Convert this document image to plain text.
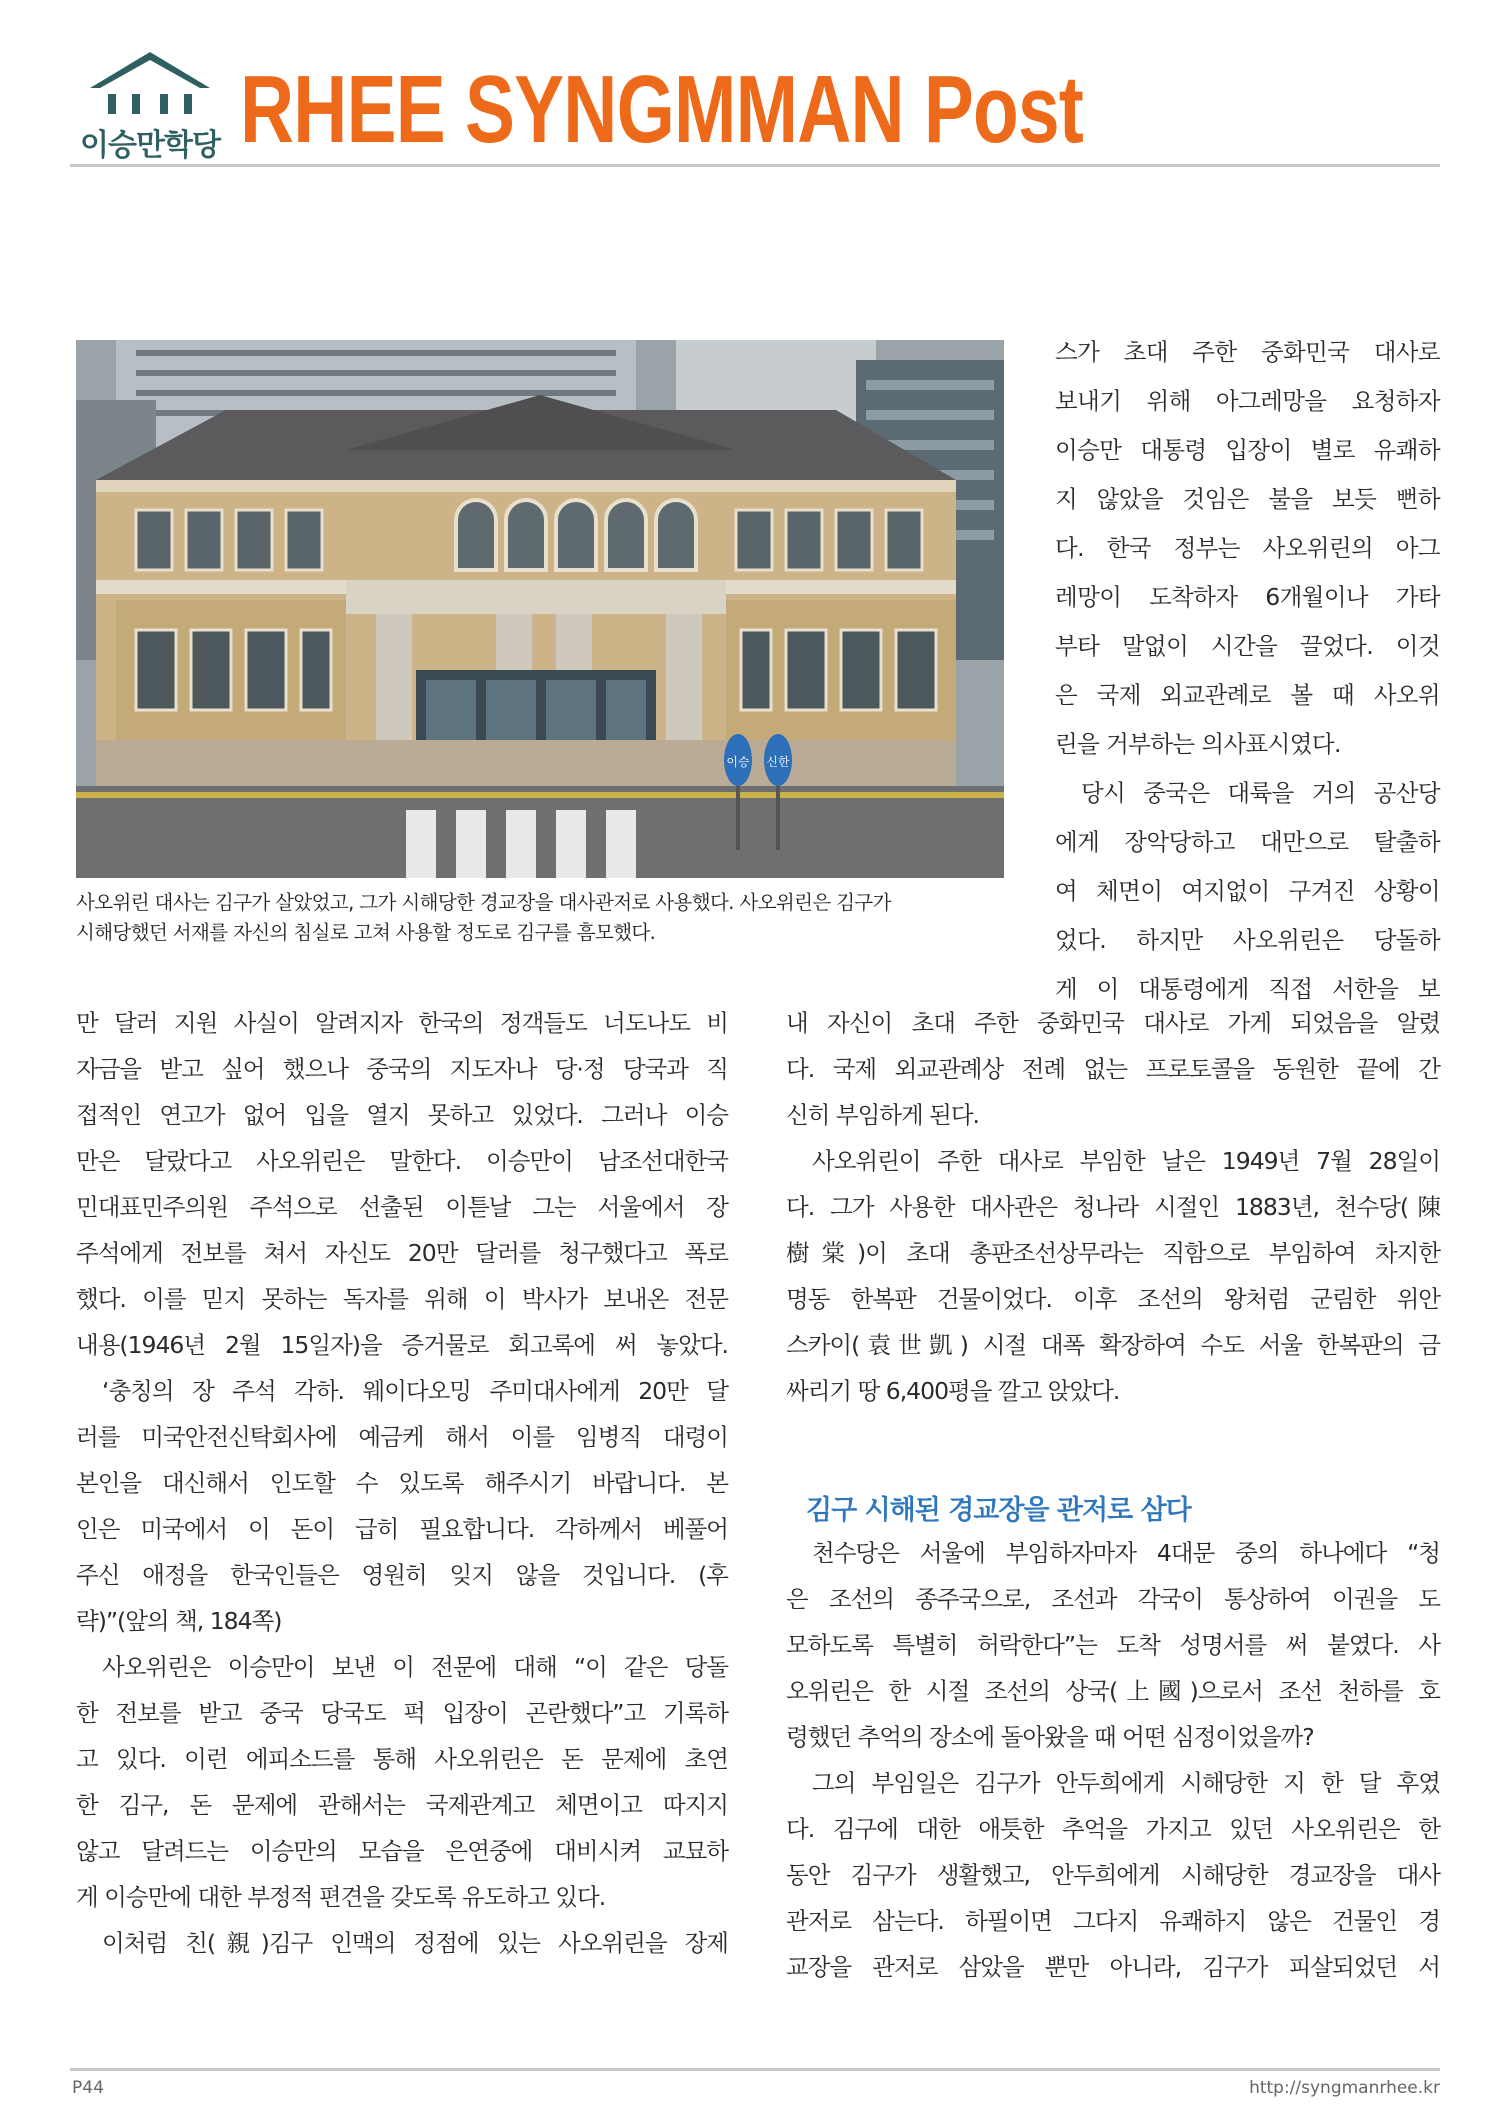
이승만학당 RHEE SYNGMMAN Post
이승 신한
사오위린 대사는 김구가 살았었고, 그가 시해당한 경교장을 대사관저로 사용했다. 사오위린은 김구가
시해당했던 서재를 자신의 침실로 고쳐 사용할 정도로 김구를 흠모했다.

스가 초대 주한 중화민국 대사로

보내기 위해 아그레망을 요청하자

이승만 대통령 입장이 별로 유쾌하

지 않았을 것임은 불을 보듯 뻔하

다. 한국 정부는 사오위린의 아그

레망이 도착하자 6개월이나 가타

부타 말없이 시간을 끌었다. 이것

은 국제 외교관례로 볼 때 사오위

린을 거부하는 의사표시였다.

당시 중국은 대륙을 거의 공산당

에게 장악당하고 대만으로 탈출하

여 체면이 여지없이 구겨진 상황이

었다. 하지만 사오위린은 당돌하

게 이 대통령에게 직접 서한을 보

만 달러 지원 사실이 알려지자 한국의 정객들도 너도나도 비

자금을 받고 싶어 했으나 중국의 지도자나 당·정 당국과 직

접적인 연고가 없어 입을 열지 못하고 있었다. 그러나 이승

만은 달랐다고 사오위린은 말한다. 이승만이 남조선대한국

민대표민주의원 주석으로 선출된 이튿날 그는 서울에서 장

주석에게 전보를 쳐서 자신도 20만 달러를 청구했다고 폭로

했다. 이를 믿지 못하는 독자를 위해 이 박사가 보내온 전문

내용(1946년 2월 15일자)을 증거물로 회고록에 써 놓았다.

‘충칭의 장 주석 각하. 웨이다오밍 주미대사에게 20만 달

러를 미국안전신탁회사에 예금케 해서 이를 임병직 대령이

본인을 대신해서 인도할 수 있도록 해주시기 바랍니다. 본

인은 미국에서 이 돈이 급히 필요합니다. 각하께서 베풀어

주신 애정을 한국인들은 영원히 잊지 않을 것입니다. (후

략)”(앞의 책, 184쪽)

사오위린은 이승만이 보낸 이 전문에 대해 “이 같은 당돌

한 전보를 받고 중국 당국도 퍽 입장이 곤란했다”고 기록하

고 있다. 이런 에피소드를 통해 사오위린은 돈 문제에 초연

한 김구, 돈 문제에 관해서는 국제관계고 체면이고 따지지

않고 달려드는 이승만의 모습을 은연중에 대비시켜 교묘하

게 이승만에 대한 부정적 편견을 갖도록 유도하고 있다.

이처럼 친(親)김구 인맥의 정점에 있는 사오위린을 장제

내 자신이 초대 주한 중화민국 대사로 가게 되었음을 알렸

다. 국제 외교관례상 전례 없는 프로토콜을 동원한 끝에 간

신히 부임하게 된다.

사오위린이 주한 대사로 부임한 날은 1949년 7월 28일이

다. 그가 사용한 대사관은 청나라 시절인 1883년, 천수당(陳

樹棠)이 초대 총판조선상무라는 직함으로 부임하여 차지한

명동 한복판 건물이었다. 이후 조선의 왕처럼 군림한 위안

스카이(袁世凱) 시절 대폭 확장하여 수도 서울 한복판의 금

싸리기 땅 6,400평을 깔고 앉았다.

김구 시해된 경교장을 관저로 삼다

천수당은 서울에 부임하자마자 4대문 중의 하나에다 “청

은 조선의 종주국으로, 조선과 각국이 통상하여 이권을 도

모하도록 특별히 허락한다”는 도착 성명서를 써 붙였다. 사

오위린은 한 시절 조선의 상국(上國)으로서 조선 천하를 호

령했던 추억의 장소에 돌아왔을 때 어떤 심정이었을까?

그의 부임일은 김구가 안두희에게 시해당한 지 한 달 후였

다. 김구에 대한 애틋한 추억을 가지고 있던 사오위린은 한

동안 김구가 생활했고, 안두희에게 시해당한 경교장을 대사

관저로 삼는다. 하필이면 그다지 유쾌하지 않은 건물인 경

교장을 관저로 삼았을 뿐만 아니라, 김구가 피살되었던 서

P44	http://syngmanrhee.kr
